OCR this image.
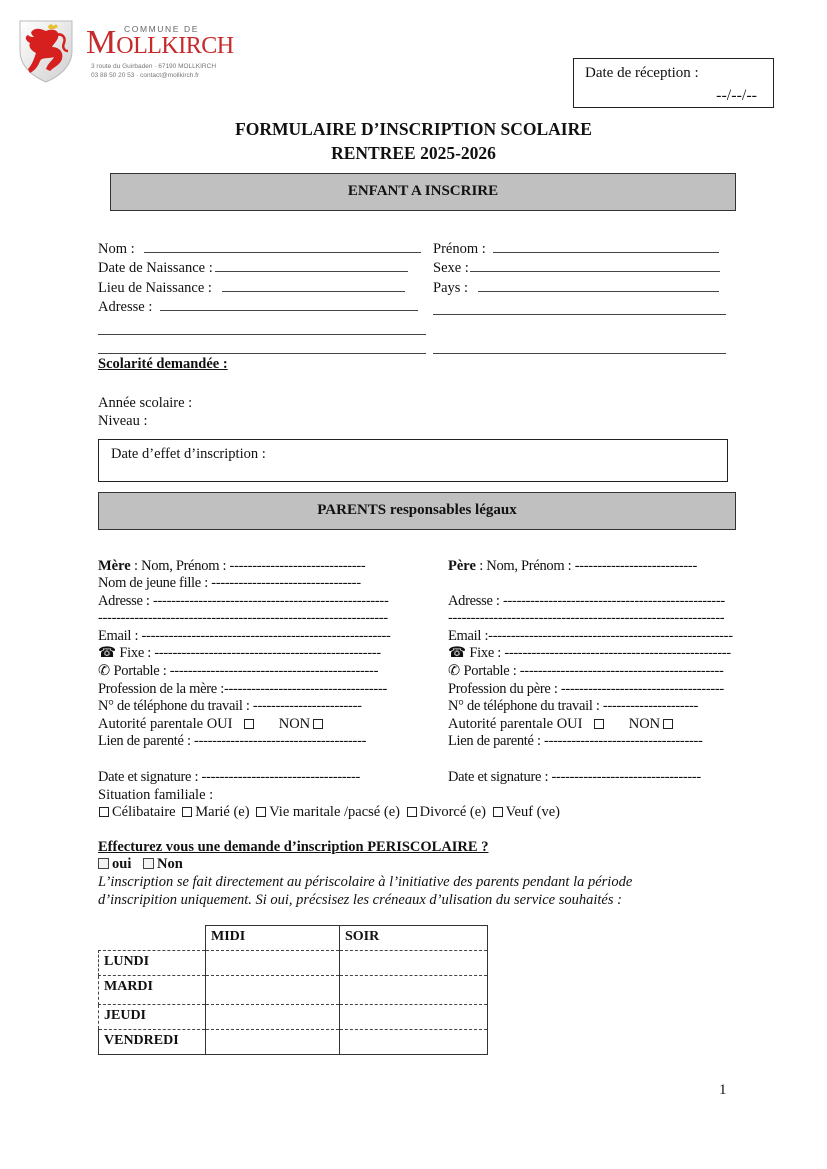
COMMUNE DE
MOLLKIRCH
3 route du Guirbaden · 67190 MOLLKIRCH
03 88 50 20 53 · contact@mollkirch.fr	Date de réception :
--/--/--
FORMULAIRE D’INSCRIPTION SCOLAIRE
RENTREE 2025-2026
ENFANT A INSCRIRE
Nom :	Prénom :
Date de Naissance :	Sexe :
Lieu de Naissance :	Pays :
Adresse :
Scolarité demandée :
Année scolaire :
Niveau :
Date d’effet d’inscription :
PARENTS responsables légaux
Mère : Nom, Prénom : ------------------------------
Nom de jeune fille : ---------------------------------
Adresse : ----------------------------------------------------
----------------------------------------------------------------
Email : -------------------------------------------------------
☎ Fixe : --------------------------------------------------
✆ Portable : ----------------------------------------------
Profession de la mère :------------------------------------
N° de téléphone du travail : ------------------------
Autorité parentale OUI	NON
Lien de parenté : --------------------------------------
Date et signature : -----------------------------------
Père : Nom, Prénom : ---------------------------
Adresse : -------------------------------------------------
-------------------------------------------------------------
Email :------------------------------------------------------
☎ Fixe : --------------------------------------------------
✆ Portable : ---------------------------------------------
Profession du père : ------------------------------------
N° de téléphone du travail : ---------------------
Autorité parentale OUI	NON
Lien de parenté : -----------------------------------
Date et signature : ---------------------------------
Situation familiale :
Célibataire Marié (e) Vie maritale /pacsé (e) Divorcé (e) Veuf (ve)
Effecturez vous une demande d’inscription PERISCOLAIRE ?
oui Non
L’inscription se fait directement au périscolaire à l’initiative des parents pendant la période
d’inscripition uniquement. Si oui, précsisez les créneaux d’ulisation du service souhaités :
	MIDI	SOIR
LUNDI		
MARDI		
JEUDI		
VENDREDI		
1
